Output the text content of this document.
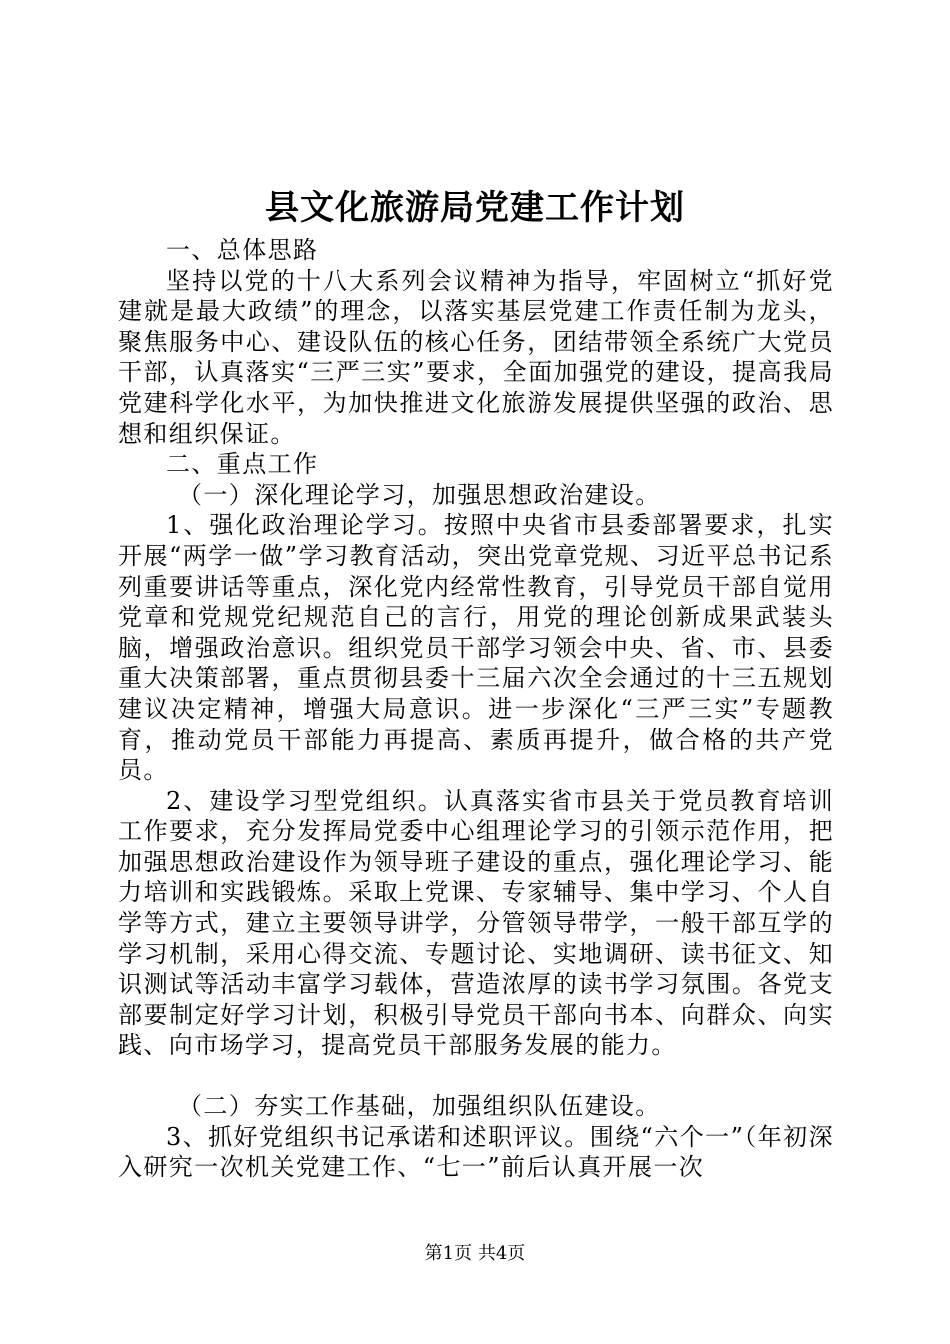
县文化旅游局党建工作计划

一、总体思路

坚持以党的十八大系列会议精神为指导，牢固树立“抓好党建就是最大政绩”的理念，以落实基层党建工作责任制为龙头，聚焦服务中心、建设队伍的核心任务，团结带领全系统广大党员干部，认真落实“三严三实”要求，全面加强党的建设，提高我局党建科学化水平，为加快推进文化旅游发展提供坚强的政治、思想和组织保证。

二、重点工作

（一）深化理论学习，加强思想政治建设。

1、强化政治理论学习。按照中央省市县委部署要求，扎实开展“两学一做”学习教育活动，突出党章党规、习近平总书记系列重要讲话等重点，深化党内经常性教育，引导党员干部自觉用党章和党规党纪规范自己的言行，用党的理论创新成果武装头脑，增强政治意识。组织党员干部学习领会中央、省、市、县委重大决策部署，重点贯彻县委十三届六次全会通过的十三五规划建议决定精神，增强大局意识。进一步深化“三严三实”专题教育，推动党员干部能力再提高、素质再提升，做合格的共产党员。

2、建设学习型党组织。认真落实省市县关于党员教育培训工作要求，充分发挥局党委中心组理论学习的引领示范作用，把加强思想政治建设作为领导班子建设的重点，强化理论学习、能力培训和实践锻炼。采取上党课、专家辅导、集中学习、个人自学等方式，建立主要领导讲学，分管领导带学，一般干部互学的学习机制，采用心得交流、专题讨论、实地调研、读书征文、知识测试等活动丰富学习载体，营造浓厚的读书学习氛围。各党支部要制定好学习计划，积极引导党员干部向书本、向群众、向实践、向市场学习，提高党员干部服务发展的能力。

（二）夯实工作基础，加强组织队伍建设。

3、抓好党组织书记承诺和述职评议。围绕“六个一”（年初深入研究一次机关党建工作、“七一”前后认真开展一次

第1页 共4页
